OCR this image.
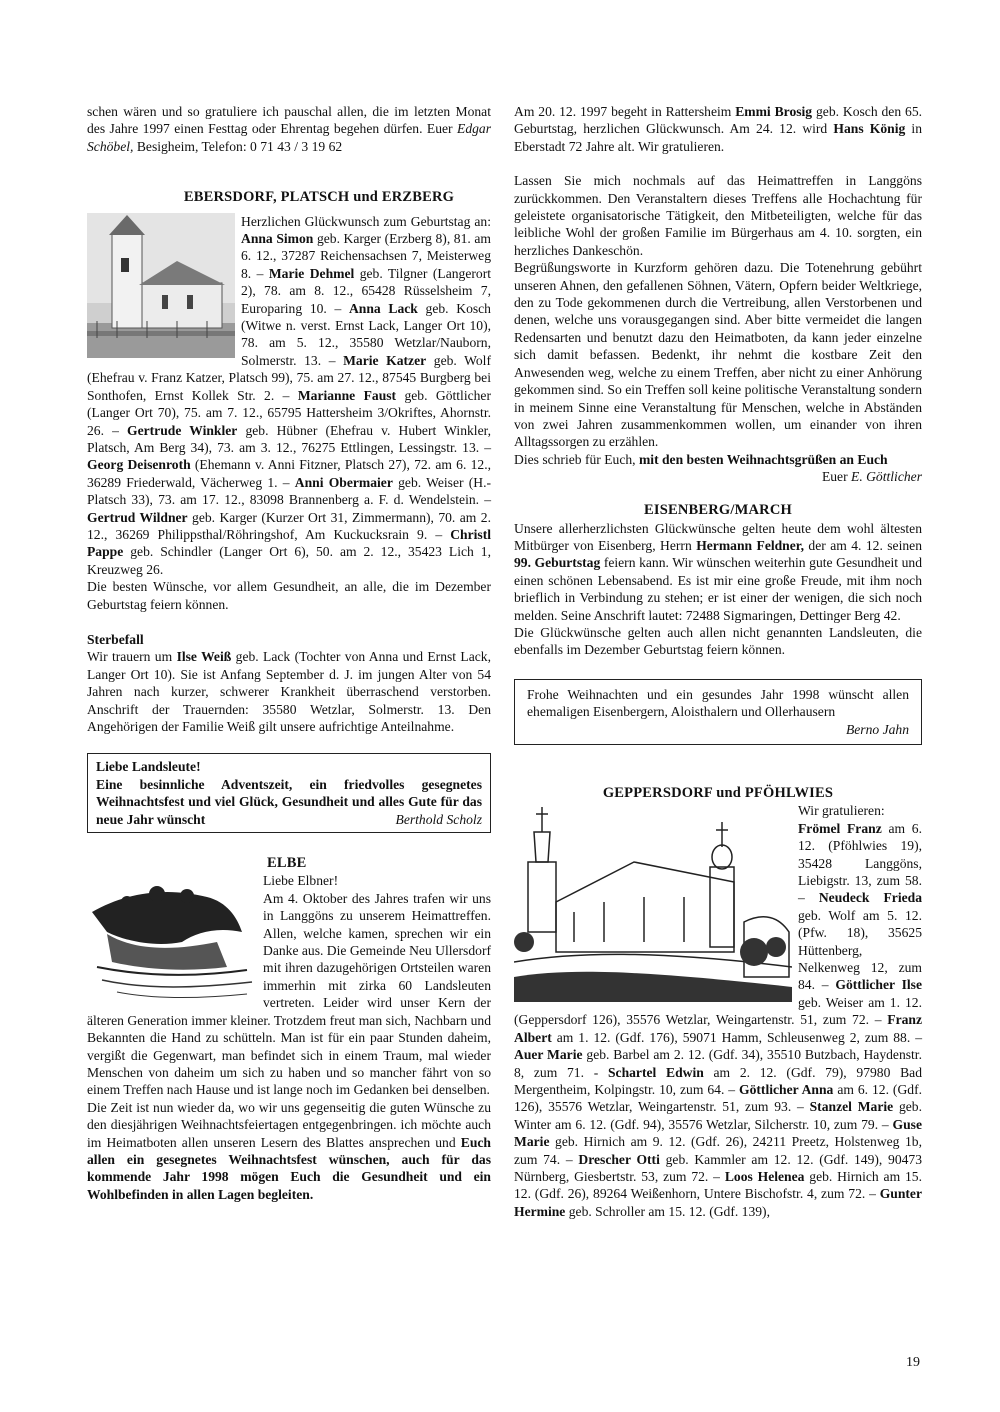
schen wären und so gratuliere ich pauschal allen, die im letzten Monat des Jahre 1997 einen Festtag oder Ehrentag begehen dürfen. Euer Edgar Schöbel, Besigheim, Telefon: 0 71 43 / 3 19 62

EBERSDORF, PLATSCH und ERZBERG

Herzlichen Glückwunsch zum Geburtstag an: Anna Simon geb. Karger (Erzberg 8), 81. am 6. 12., 37287 Reichensachsen 7, Meisterweg 8. – Marie Dehmel geb. Tilgner (Langerort 2), 78. am 8. 12., 65428 Rüsselsheim 7, Europaring 10. – Anna Lack geb. Kosch (Witwe n. verst. Ernst Lack, Langer Ort 10), 78. am 5. 12., 35580 Wetzlar/Nauborn, Solmerstr. 13. – Marie Katzer geb. Wolf (Ehefrau v. Franz Katzer, Platsch 99), 75. am 27. 12., 87545 Burgberg bei Sonthofen, Ernst Kollek Str. 2. – Marianne Faust geb. Göttlicher (Langer Ort 70), 75. am 7. 12., 65795 Hattersheim 3/Okriftes, Ahornstr. 26. – Gertrude Winkler geb. Hübner (Ehefrau v. Hubert Winkler, Platsch, Am Berg 34), 73. am 3. 12., 76275 Ettlingen, Lessingstr. 13. – Georg Deisenroth (Ehemann v. Anni Fitzner, Platsch 27), 72. am 6. 12., 36289 Friederwald, Vächerweg 1. – Anni Obermaier geb. Weiser (H.-Platsch 33), 73. am 17. 12., 83098 Brannenberg a. F. d. Wendelstein. – Gertrud Wildner geb. Karger (Kurzer Ort 31, Zimmermann), 70. am 2. 12., 36269 Philippsthal/Röhringshof, Am Kuckucksrain 9. – Christl Pappe geb. Schindler (Langer Ort 6), 50. am 2. 12., 35423 Lich 1, Kreuzweg 26.

Die besten Wünsche, vor allem Gesundheit, an alle, die im Dezember Geburtstag feiern können.

Sterbefall

Wir trauern um Ilse Weiß geb. Lack (Tochter von Anna und Ernst Lack, Langer Ort 10). Sie ist Anfang September d. J. im jungen Alter von 54 Jahren nach kurzer, schwerer Krankheit überraschend verstorben. Anschrift der Trauernden: 35580 Wetzlar, Solmerstr. 13. Den Angehörigen der Familie Weiß gilt unsere aufrichtige Anteilnahme.

Liebe Landsleute!

Eine besinnliche Adventszeit, ein friedvolles gesegnetes Weihnachtsfest und viel Glück, Gesundheit und alles Gute für das neue Jahr wünscht	Berthold Scholz

ELBE

Liebe Elbner!

Am 4. Oktober des Jahres trafen wir uns in Langgöns zu unserem Heimattreffen. Allen, welche kamen, sprechen wir ein Danke aus. Die Gemeinde Neu Ullersdorf mit ihren dazugehörigen Ortsteilen waren immerhin mit zirka 60 Landsleuten vertreten. Leider wird unser Kern der älteren Generation immer kleiner. Trotzdem freut man sich, Nachbarn und Bekannten die Hand zu schütteln. Man ist für ein paar Stunden daheim, vergißt die Gegenwart, man befindet sich in einem Traum, mal wieder Menschen von daheim um sich zu haben und so mancher fährt von so einem Treffen nach Hause und ist lange noch im Gedanken bei denselben.

Die Zeit ist nun wieder da, wo wir uns gegenseitig die guten Wünsche zu den diesjährigen Weihnachtsfeiertagen entgegenbringen. ich möchte auch im Heimatboten allen unseren Lesern des Blattes ansprechen und Euch allen ein gesegnetes Weihnachtsfest wünschen, auch für das kommende Jahr 1998 mögen Euch die Gesundheit und ein Wohlbefinden in allen Lagen begleiten.

Am 20. 12. 1997 begeht in Rattersheim Emmi Brosig geb. Kosch den 65. Geburtstag, herzlichen Glückwunsch. Am 24. 12. wird Hans König in Eberstadt 72 Jahre alt. Wir gratulieren.

Lassen Sie mich nochmals auf das Heimattreffen in Langgöns zurückkommen. Den Veranstaltern dieses Treffens alle Hochachtung für geleistete organisatorische Tätigkeit, den Mitbeteiligten, welche für das leibliche Wohl der großen Familie im Bürgerhaus am 4. 10. sorgten, ein herzliches Dankeschön.

Begrüßungsworte in Kurzform gehören dazu. Die Totenehrung gebührt unseren Ahnen, den gefallenen Söhnen, Vätern, Opfern beider Weltkriege, den zu Tode gekommenen durch die Vertreibung, allen Verstorbenen und denen, welche uns vorausgegangen sind. Aber bitte vermeidet die langen Redensarten und benutzt dazu den Heimatboten, da kann jeder einzelne sich damit befassen. Bedenkt, ihr nehmt die kostbare Zeit den Anwesenden weg, welche zu einem Treffen, aber nicht zu einer Anhörung gekommen sind. So ein Treffen soll keine politische Veranstaltung sondern in meinem Sinne eine Veranstaltung für Menschen, welche in Abständen von zwei Jahren zusammenkommen wollen, um einander von ihren Alltagssorgen zu erzählen.

Dies schrieb für Euch, mit den besten Weihnachtsgrüßen an Euch
Euer E. Göttlicher

EISENBERG/MARCH

Unsere allerherzlichsten Glückwünsche gelten heute dem wohl ältesten Mitbürger von Eisenberg, Herrn Hermann Feldner, der am 4. 12. seinen 99. Geburtstag feiern kann. Wir wünschen weiterhin gute Gesundheit und einen schönen Lebensabend. Es ist mir eine große Freude, mit ihm noch brieflich in Verbindung zu stehen; er ist einer der wenigen, die sich noch melden. Seine Anschrift lautet: 72488 Sigmaringen, Dettinger Berg 42.

Die Glückwünsche gelten auch allen nicht genannten Landsleuten, die ebenfalls im Dezember Geburtstag feiern können.

Frohe Weihnachten und ein gesundes Jahr 1998 wünscht allen ehemaligen Eisenbergern, Aloisthalern und Ollerhausern

Berno Jahn

GEPPERSDORF und PFÖHLWIES

Wir gratulieren:

Frömel Franz am 6. 12. (Pföhlwies 19), 35428 Langgöns, Liebigstr. 13, zum 58. – Neudeck Frieda geb. Wolf am 5. 12. (Pfw. 18), 35625 Hüttenberg, Nelkenweg 12, zum 84. – Göttlicher Ilse geb. Weiser am 1. 12. (Geppersdorf 126), 35576 Wetzlar, Weingartenstr. 51, zum 72. – Franz Albert am 1. 12. (Gdf. 176), 59071 Hamm, Schleusenweg 2, zum 88. – Auer Marie geb. Barbel am 2. 12. (Gdf. 34), 35510 Butzbach, Haydenstr. 8, zum 71. - Schartel Edwin am 2. 12. (Gdf. 79), 97980 Bad Mergentheim, Kolpingstr. 10, zum 64. – Göttlicher Anna am 6. 12. (Gdf. 126), 35576 Wetzlar, Weingartenstr. 51, zum 93. – Stanzel Marie geb. Winter am 6. 12. (Gdf. 94), 35576 Wetzlar, Silcherstr. 10, zum 79. – Guse Marie geb. Hirnich am 9. 12. (Gdf. 26), 24211 Preetz, Holstenweg 1b, zum 74. – Drescher Otti geb. Kammler am 12. 12. (Gdf. 149), 90473 Nürnberg, Giesbertstr. 53, zum 72. – Loos Helenea geb. Hirnich am 15. 12. (Gdf. 26), 89264 Weißenhorn, Untere Bischofstr. 4, zum 72. – Gunter Hermine geb. Schroller am 15. 12. (Gdf. 139),

19
